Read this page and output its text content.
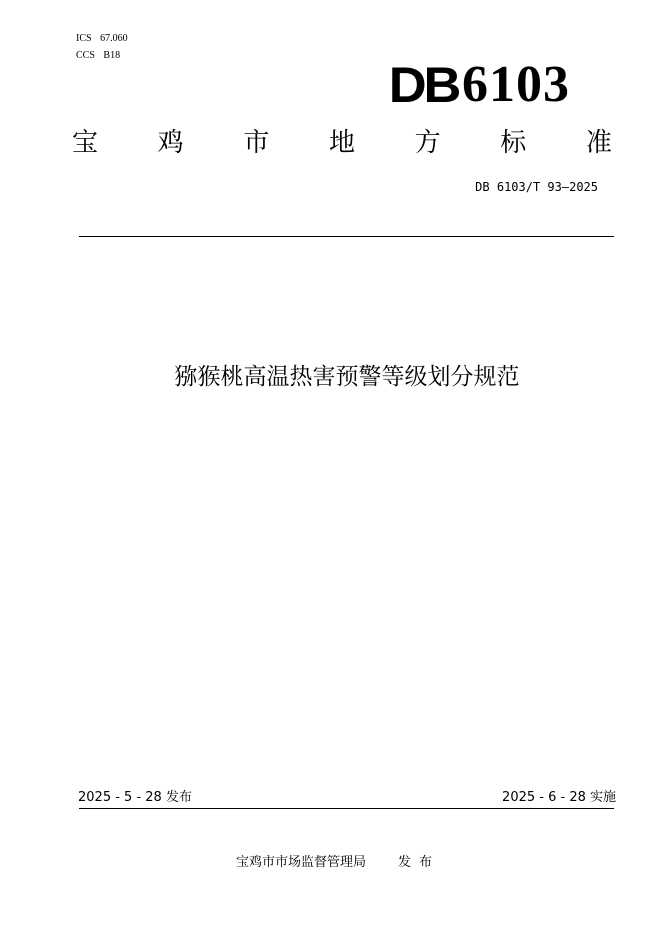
ICS 67.060
CCS B18
DB 6103
宝 鸡 市 地 方 标 准
DB 6103/T 93—2025
猕猴桃高温热害预警等级划分规范
2025 - 5 - 28 发布	2025 - 6 - 28 实施
宝鸡市市场监督管理局 发布
